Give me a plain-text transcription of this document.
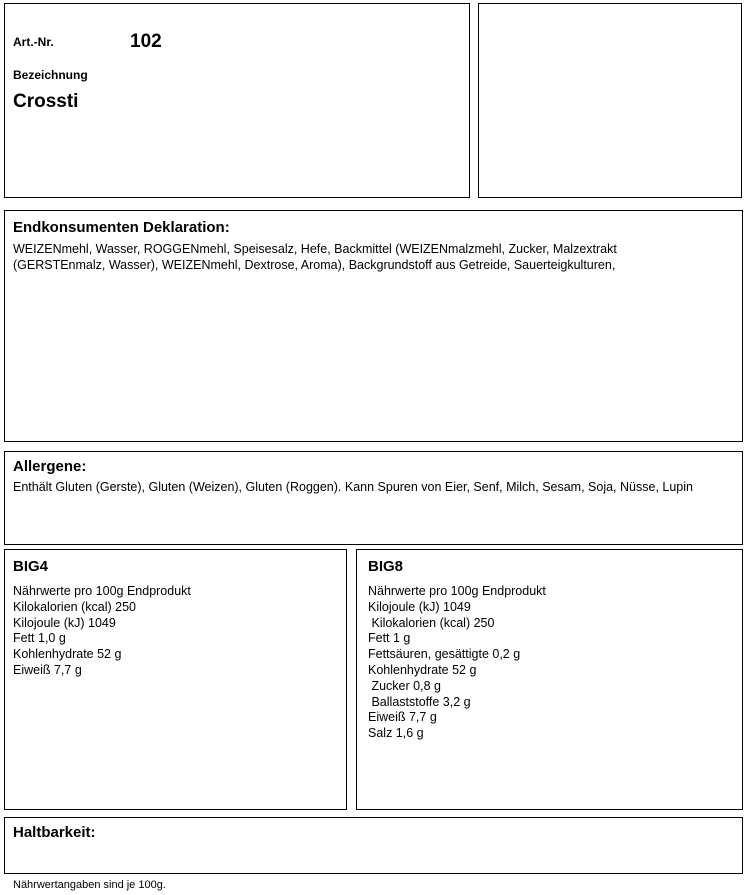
Art.-Nr.	102
Bezeichnung
Crossti
Endkonsumenten Deklaration:
WEIZENmehl, Wasser, ROGGENmehl, Speisesalz, Hefe, Backmittel (WEIZENmalzmehl, Zucker, Malzextrakt
(GERSTEnmalz, Wasser), WEIZENmehl, Dextrose, Aroma), Backgrundstoff aus Getreide, Sauerteigkulturen,
Allergene:
Enthält Gluten (Gerste), Gluten (Weizen), Gluten (Roggen). Kann Spuren von Eier, Senf, Milch, Sesam, Soja, Nüsse, Lupin
BIG4
Nährwerte pro 100g Endprodukt
Kilokalorien (kcal) 250
Kilojoule (kJ) 1049
Fett 1,0 g
Kohlenhydrate 52 g
Eiweiß 7,7 g
BIG8
Nährwerte pro 100g Endprodukt
Kilojoule (kJ) 1049
Kilokalorien (kcal) 250
Fett 1 g
Fettsäuren, gesättigte 0,2 g
Kohlenhydrate 52 g
Zucker 0,8 g
Ballaststoffe 3,2 g
Eiweiß 7,7 g
Salz 1,6 g
Haltbarkeit:
Nährwertangaben sind je 100g.
